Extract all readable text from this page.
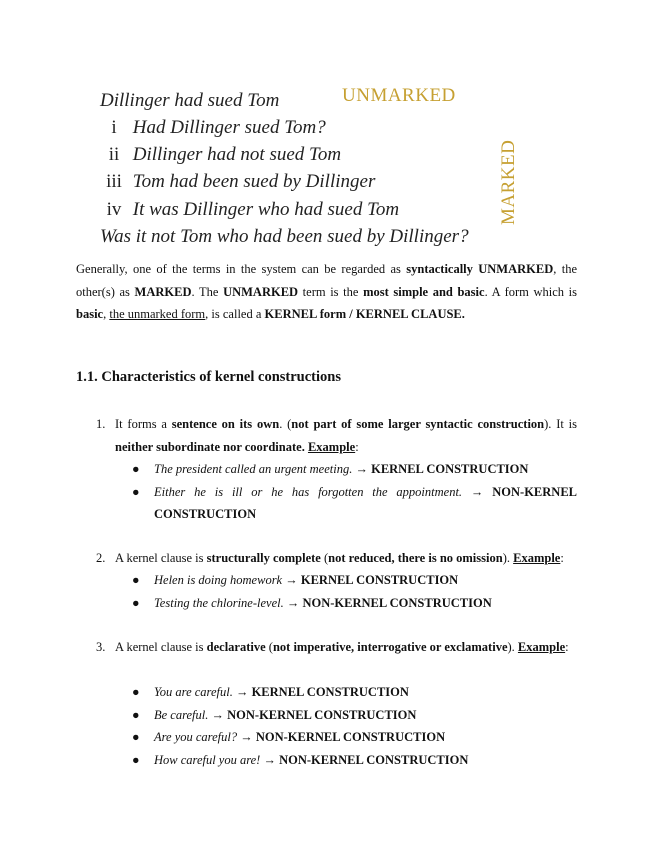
Dillinger had sued Tom
i Had Dillinger sued Tom?
ii Dillinger had not sued Tom
iii Tom had been sued by Dillinger
iv It was Dillinger who had sued Tom
Was it not Tom who had been sued by Dillinger?
UNMARKED
MARKED
Generally, one of the terms in the system can be regarded as syntactically UNMARKED, the other(s) as MARKED. The UNMARKED term is the most simple and basic. A form which is basic, the unmarked form, is called a KERNEL form / KERNEL CLAUSE.
1.1. Characteristics of kernel constructions
1. It forms a sentence on its own. (not part of some larger syntactic construction). It is neither subordinate nor coordinate. Example:
● The president called an urgent meeting. → KERNEL CONSTRUCTION
● Either he is ill or he has forgotten the appointment. → NON-KERNEL CONSTRUCTION
2. A kernel clause is structurally complete (not reduced, there is no omission). Example:
● Helen is doing homework → KERNEL CONSTRUCTION
● Testing the chlorine-level. → NON-KERNEL CONSTRUCTION
3. A kernel clause is declarative (not imperative, interrogative or exclamative). Example:
● You are careful. → KERNEL CONSTRUCTION
● Be careful. → NON-KERNEL CONSTRUCTION
● Are you careful? → NON-KERNEL CONSTRUCTION
● How careful you are! → NON-KERNEL CONSTRUCTION
